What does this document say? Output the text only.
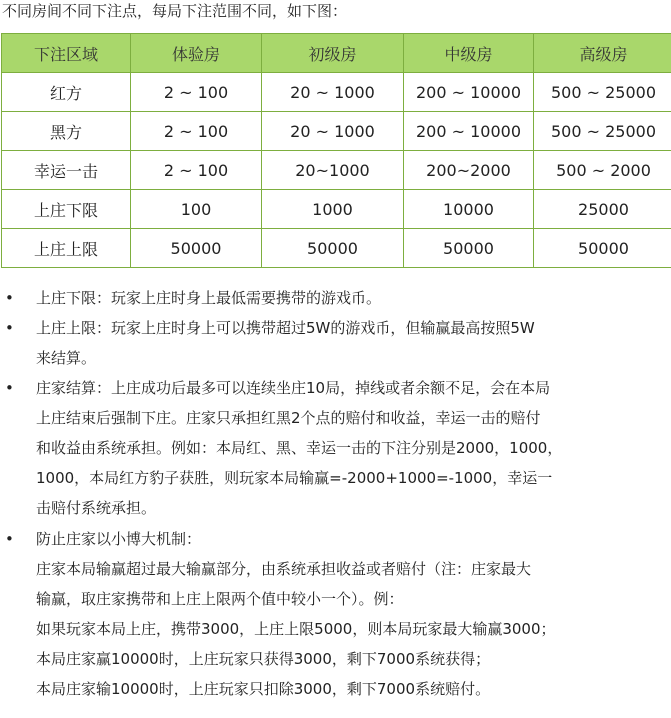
不同房间不同下注点，每局下注范围不同，如下图：
下注区域	体验房	初级房	中级房	高级房
红方	2 ~ 100	20 ~ 1000	200 ~ 10000	500 ~ 25000
黑方	2 ~ 100	20 ~ 1000	200 ~ 10000	500 ~ 25000
幸运一击	2 ~ 100	20~1000	200~2000	500 ~ 2000
上庄下限	100	1000	10000	25000
上庄上限	50000	50000	50000	50000
• 上庄下限：玩家上庄时身上最低需要携带的游戏币。
• 上庄上限：玩家上庄时身上可以携带超过5W的游戏币，但输赢最高按照5W
来结算。
• 庄家结算：上庄成功后最多可以连续坐庄10局，掉线或者余额不足，会在本局
上庄结束后强制下庄。庄家只承担红黑2个点的赔付和收益，幸运一击的赔付
和收益由系统承担。例如：本局红、黑、幸运一击的下注分别是2000，1000，
1000，本局红方豹子获胜，则玩家本局输赢=-2000+1000=-1000，幸运一
击赔付系统承担。
• 防止庄家以小博大机制：
庄家本局输赢超过最大输赢部分，由系统承担收益或者赔付（注：庄家最大
输赢，取庄家携带和上庄上限两个值中较小一个）。例：
如果玩家本局上庄，携带3000，上庄上限5000，则本局玩家最大输赢3000；
本局庄家赢10000时，上庄玩家只获得3000，剩下7000系统获得；
本局庄家输10000时，上庄玩家只扣除3000，剩下7000系统赔付。
